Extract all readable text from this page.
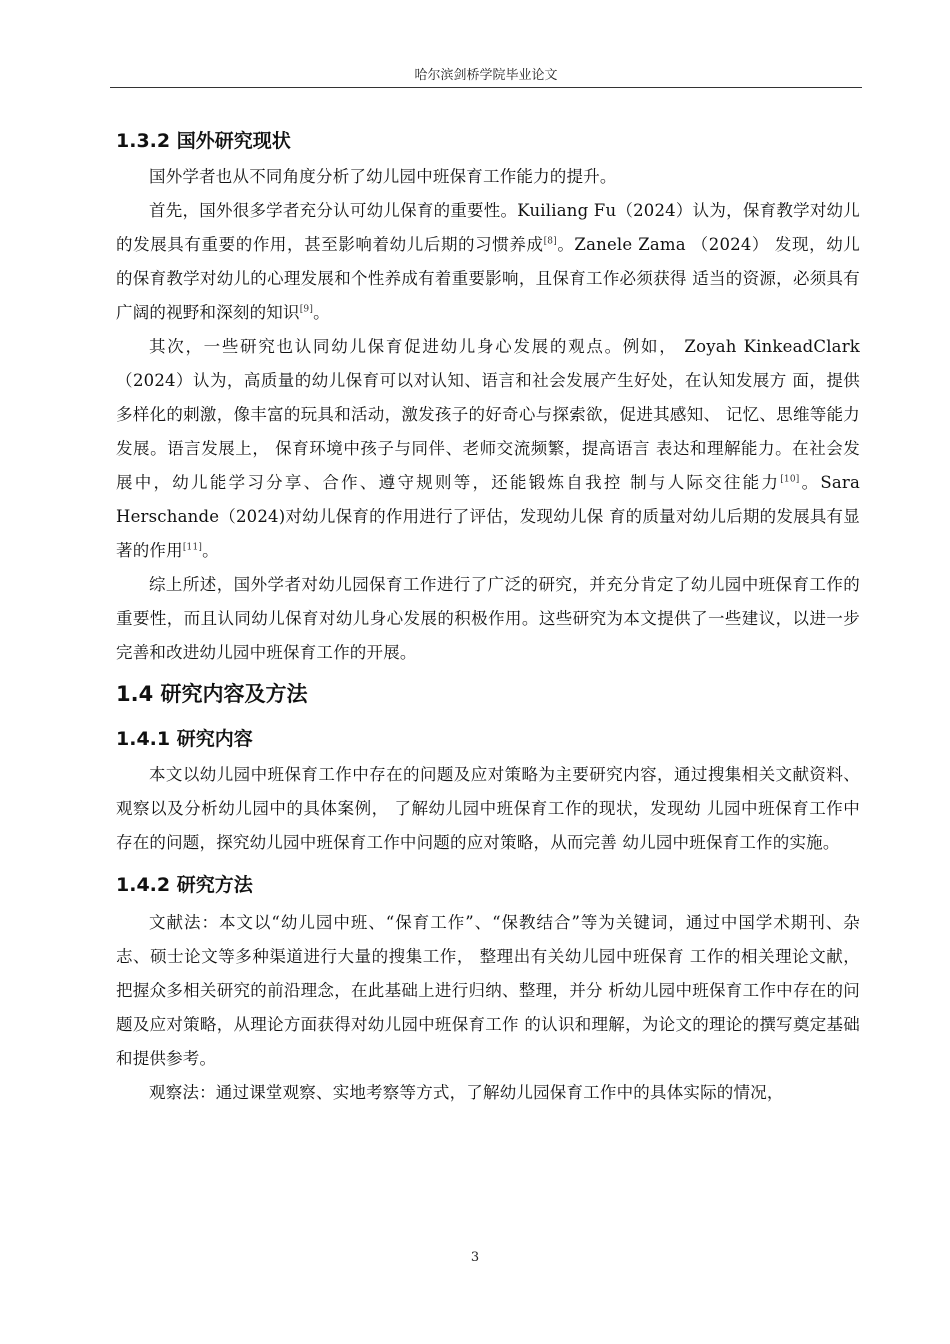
哈尔滨剑桥学院毕业论文
1.3.2 国外研究现状

国外学者也从不同角度分析了幼儿园中班保育工作能力的提升。

首先，国外很多学者充分认可幼儿保育的重要性。Kuiliang Fu（2024）认为，保育教学对幼儿的发展具有重要的作用，甚至影响着幼儿后期的习惯养成[8]。Zanele Zama （2024） 发现，幼儿的保育教学对幼儿的心理发展和个性养成有着重要影响，且保育工作必须获得 适当的资源，必须具有广阔的视野和深刻的知识[9]。

其次，一些研究也认同幼儿保育促进幼儿身心发展的观点。例如， Zoyah KinkeadClark （2024）认为，高质量的幼儿保育可以对认知、语言和社会发展产生好处，在认知发展方 面，提供多样化的刺激，像丰富的玩具和活动，激发孩子的好奇心与探索欲，促进其感知、 记忆、思维等能力发展。语言发展上， 保育环境中孩子与同伴、老师交流频繁，提高语言 表达和理解能力。在社会发展中，幼儿能学习分享、合作、遵守规则等，还能锻炼自我控 制与人际交往能力[10]。Sara Herschande（2024)对幼儿保育的作用进行了评估，发现幼儿保 育的质量对幼儿后期的发展具有显著的作用[11]。

综上所述，国外学者对幼儿园保育工作进行了广泛的研究，并充分肯定了幼儿园中班保育工作的重要性，而且认同幼儿保育对幼儿身心发展的积极作用。这些研究为本文提供了一些建议，以进一步完善和改进幼儿园中班保育工作的开展。

1.4 研究内容及方法
1.4.1 研究内容

本文以幼儿园中班保育工作中存在的问题及应对策略为主要研究内容，通过搜集相关文献资料、观察以及分析幼儿园中的具体案例， 了解幼儿园中班保育工作的现状，发现幼 儿园中班保育工作中存在的问题，探究幼儿园中班保育工作中问题的应对策略，从而完善 幼儿园中班保育工作的实施。

1.4.2 研究方法

文献法：本文以“幼儿园中班、“保育工作”、“保教结合”等为关键词，通过中国学术期刊、杂志、硕士论文等多种渠道进行大量的搜集工作， 整理出有关幼儿园中班保育 工作的相关理论文献，把握众多相关研究的前沿理念，在此基础上进行归纳、整理，并分 析幼儿园中班保育工作中存在的问题及应对策略，从理论方面获得对幼儿园中班保育工作 的认识和理解，为论文的理论的撰写奠定基础和提供参考。

观察法：通过课堂观察、实地考察等方式，了解幼儿园保育工作中的具体实际的情况，

3
